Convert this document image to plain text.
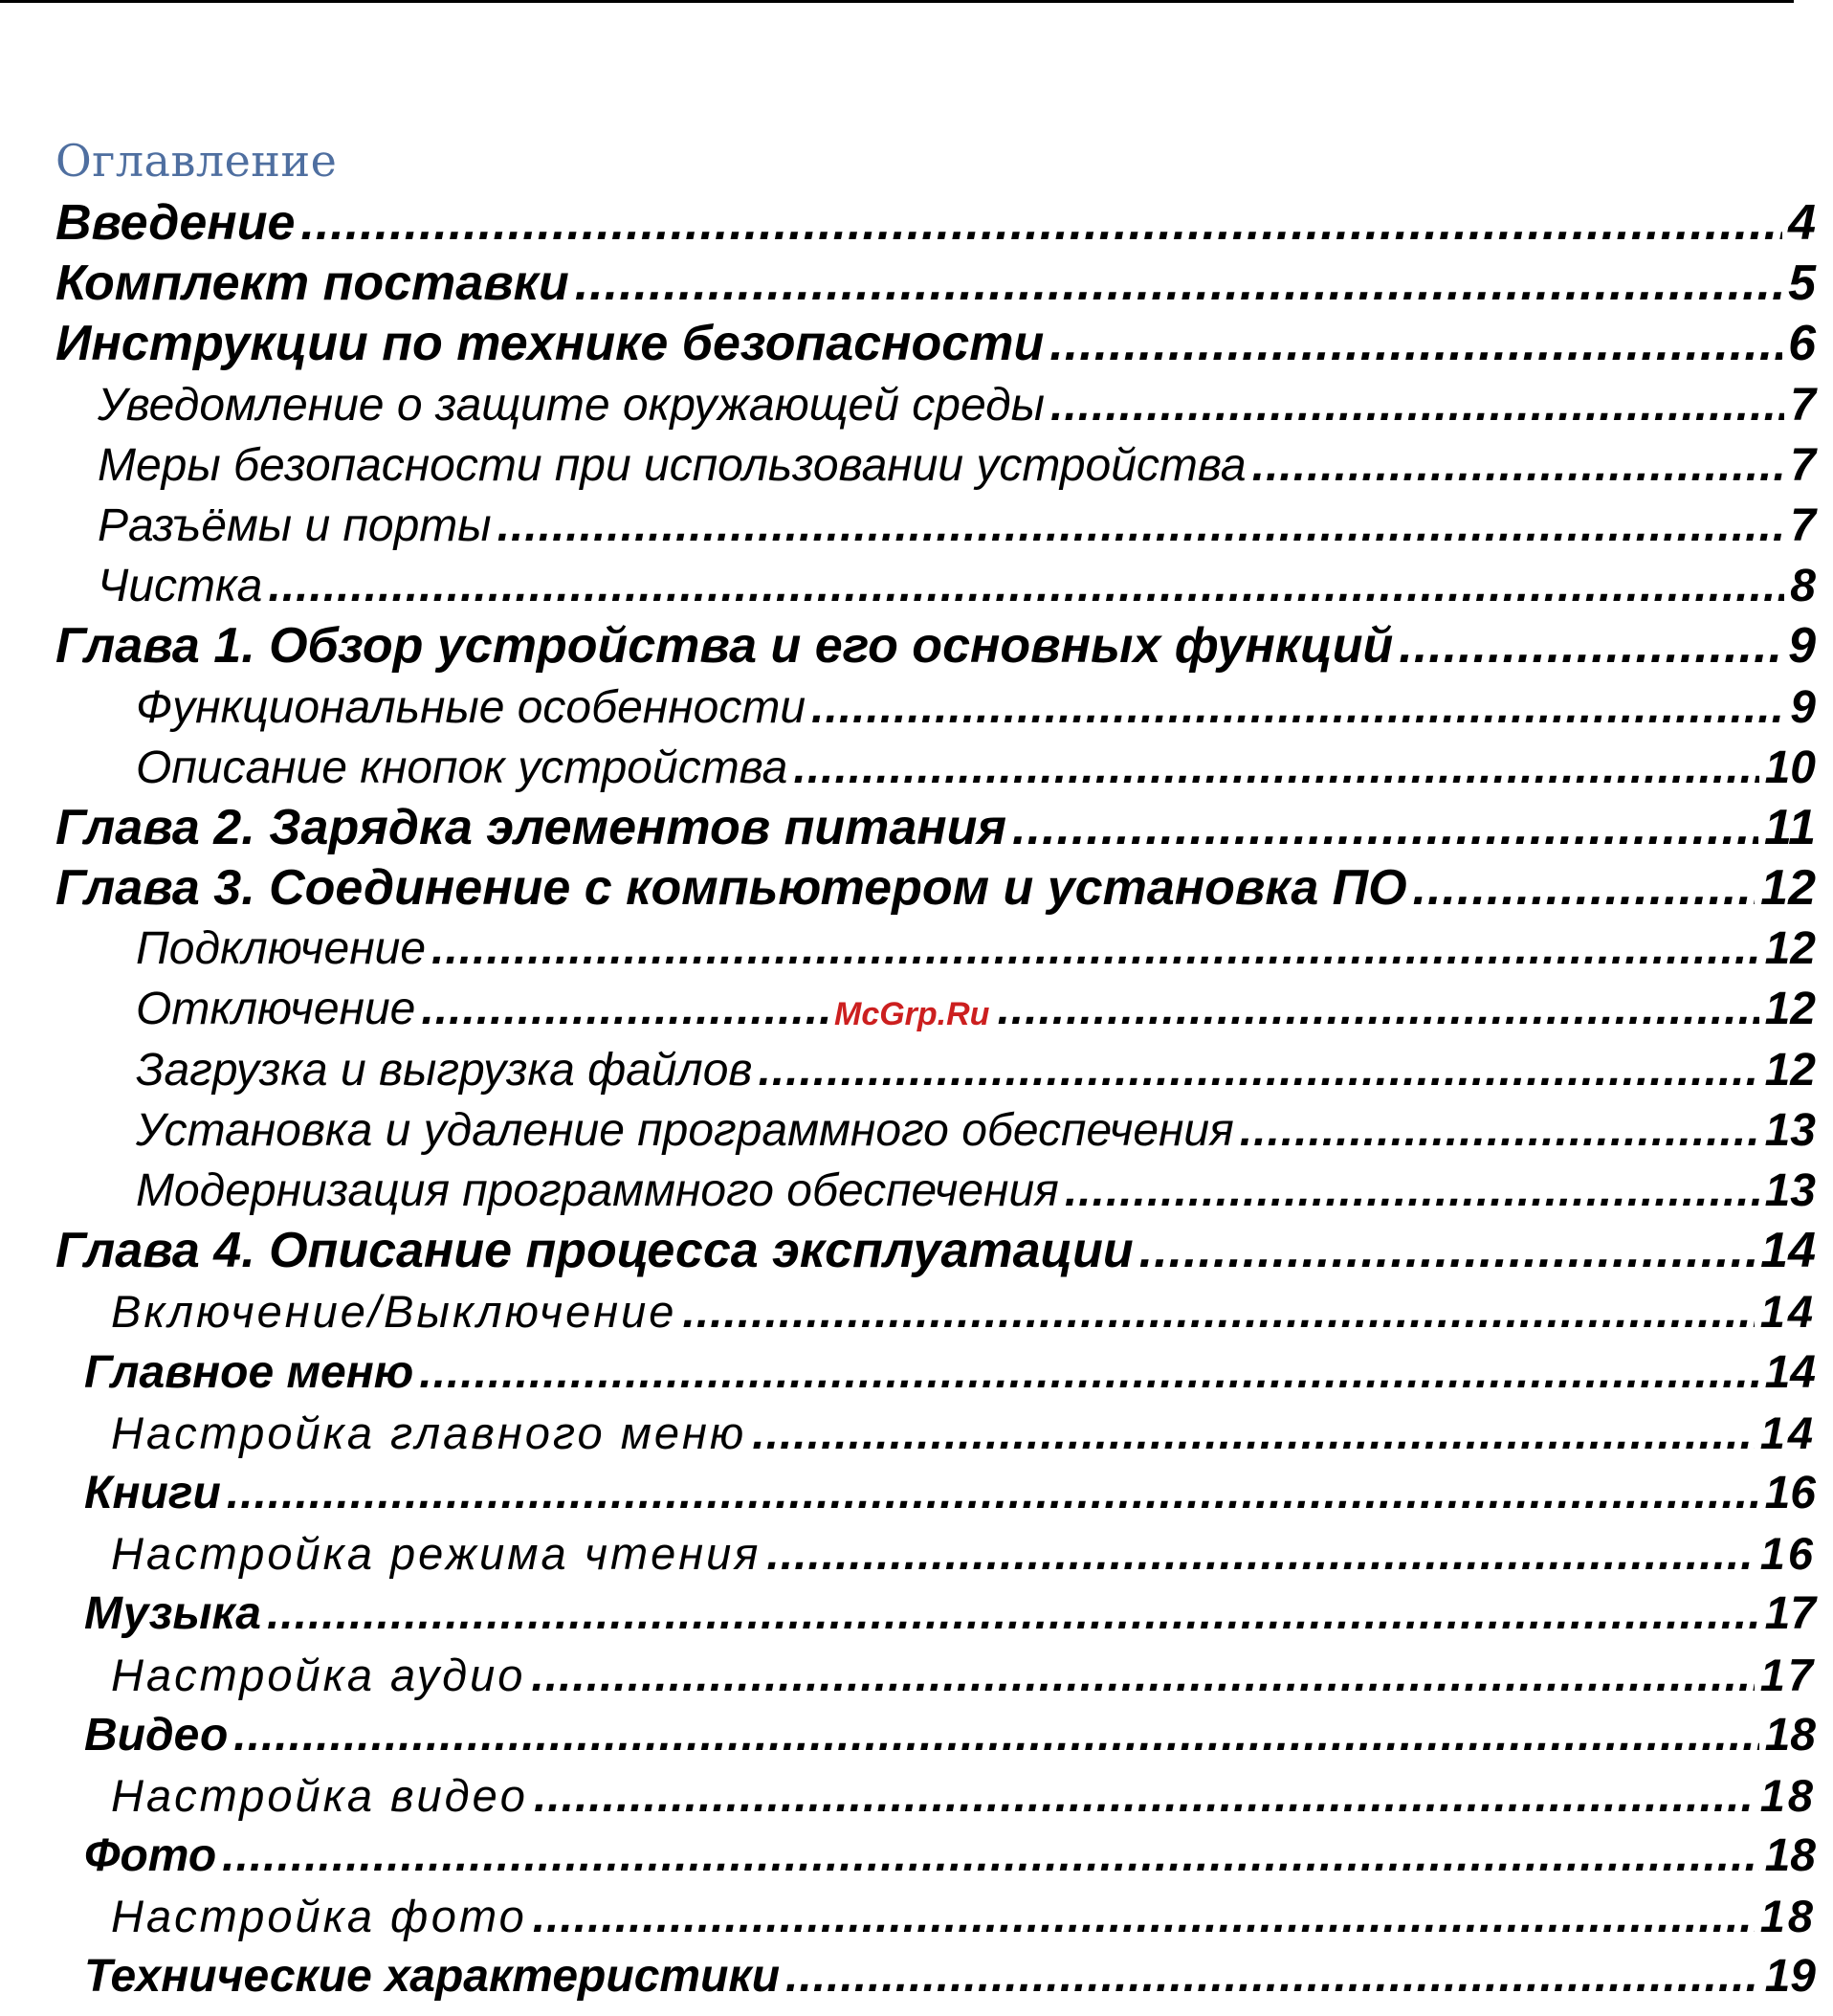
Оглавление
Введение .....	4
Комплект поставки .....	5
Инструкции по технике безопасности .....	6
Уведомление о защите окружающей среды .....	7
Меры безопасности при использовании устройства .....	7
Разъёмы и порты .....	7
Чистка .....	8
Глава 1. Обзор устройства и его основных функций .....	9
Функциональные особенности .....	9
Описание кнопок устройства .....	10
Глава 2. Зарядка элементов питания .....	11
Глава 3. Соединение с компьютером и установка ПО .....	12
Подключение .....	12
Отключение .....	12
Загрузка и выгрузка файлов .....	12
Установка и удаление программного обеспечения .....	13
Модернизация программного обеспечения .....	13
Глава 4. Описание процесса эксплуатации .....	14
Включение/Выключение .....	14
Главное меню .....	14
Настройка главного меню .....	14
Книги .....	16
Настройка режима чтения .....	16
Музыка .....	17
Настройка аудио .....	17
Видео .....	18
Настройка видео .....	18
Фото .....	18
Настройка фото .....	18
Технические характеристики .....	19
McGrp.Ru
